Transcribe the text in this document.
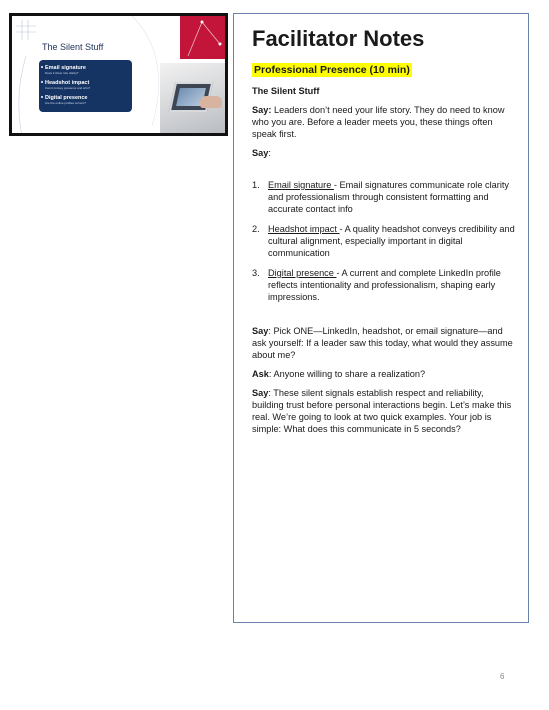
The Silent Stuff
Email signature
Does it show role clarity?
Headshot impact
Can it convey presence and who?
Digital presence
Are the online profiles current?
Facilitator Notes
Professional Presence (10 min)

The Silent Stuff

Say: Leaders don’t need your life story. They do need to know who you are. Before a leader meets you, these things often speak first.

Say:

1. Email signature - Email signatures communicate role clarity and professionalism through consistent formatting and accurate contact info
2. Headshot impact - A quality headshot conveys credibility and cultural alignment, especially important in digital communication
3. Digital presence - A current and complete LinkedIn profile reflects intentionality and professionalism, shaping early impressions.

Say: Pick ONE—LinkedIn, headshot, or email signature—and ask yourself: If a leader saw this today, what would they assume about me?

Ask: Anyone willing to share a realization?

Say: These silent signals establish respect and reliability, building trust before personal interactions begin. Let’s make this real. We’re going to look at two quick examples. Your job is simple: What does this communicate in 5 seconds?

6
